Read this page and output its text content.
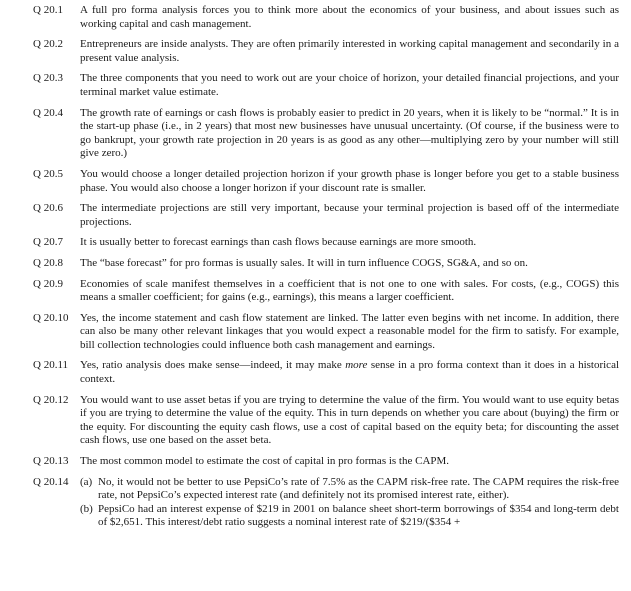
Q 20.1 A full pro forma analysis forces you to think more about the economics of your business, and about issues such as working capital and cash management.
Q 20.2 Entrepreneurs are inside analysts. They are often primarily interested in working capital management and secondarily in a present value analysis.
Q 20.3 The three components that you need to work out are your choice of horizon, your detailed financial projections, and your terminal market value estimate.
Q 20.4 The growth rate of earnings or cash flows is probably easier to predict in 20 years, when it is likely to be “normal.” It is in the start-up phase (i.e., in 2 years) that most new businesses have unusual uncertainty. (Of course, if the business were to go bankrupt, your growth rate projection in 20 years is as good as any other—multiplying zero by your number will still give zero.)
Q 20.5 You would choose a longer detailed projection horizon if your growth phase is longer before you get to a stable business phase. You would also choose a longer horizon if your discount rate is smaller.
Q 20.6 The intermediate projections are still very important, because your terminal projection is based off of the intermediate projections.
Q 20.7 It is usually better to forecast earnings than cash flows because earnings are more smooth.
Q 20.8 The “base forecast” for pro formas is usually sales. It will in turn influence COGS, SG&A, and so on.
Q 20.9 Economies of scale manifest themselves in a coefficient that is not one to one with sales. For costs, (e.g., COGS) this means a smaller coefficient; for gains (e.g., earnings), this means a larger coefficient.
Q 20.10 Yes, the income statement and cash flow statement are linked. The latter even begins with net income. In addition, there can also be many other relevant linkages that you would expect a reasonable model for the firm to satisfy. For example, bill collection technologies could influence both cash management and earnings.
Q 20.11 Yes, ratio analysis does make sense—indeed, it may make more sense in a pro forma context than it does in a historical context.
Q 20.12 You would want to use asset betas if you are trying to determine the value of the firm. You would want to use equity betas if you are trying to determine the value of the equity. This in turn depends on whether you care about (buying) the firm or the equity. For discounting the equity cash flows, use a cost of capital based on the equity beta; for discounting the asset cash flows, use one based on the asset beta.
Q 20.13 The most common model to estimate the cost of capital in pro formas is the CAPM.
Q 20.14 (a) No, it would not be better to use PepsiCo’s rate of 7.5% as the CAPM risk-free rate. The CAPM requires the risk-free rate, not PepsiCo’s expected interest rate (and definitely not its promised interest rate, either).
(b) PepsiCo had an interest expense of $219 in 2001 on balance sheet short-term borrowings of $354 and long-term debt of $2,651. This interest/debt ratio suggests a nominal interest rate of $219/($354 +
